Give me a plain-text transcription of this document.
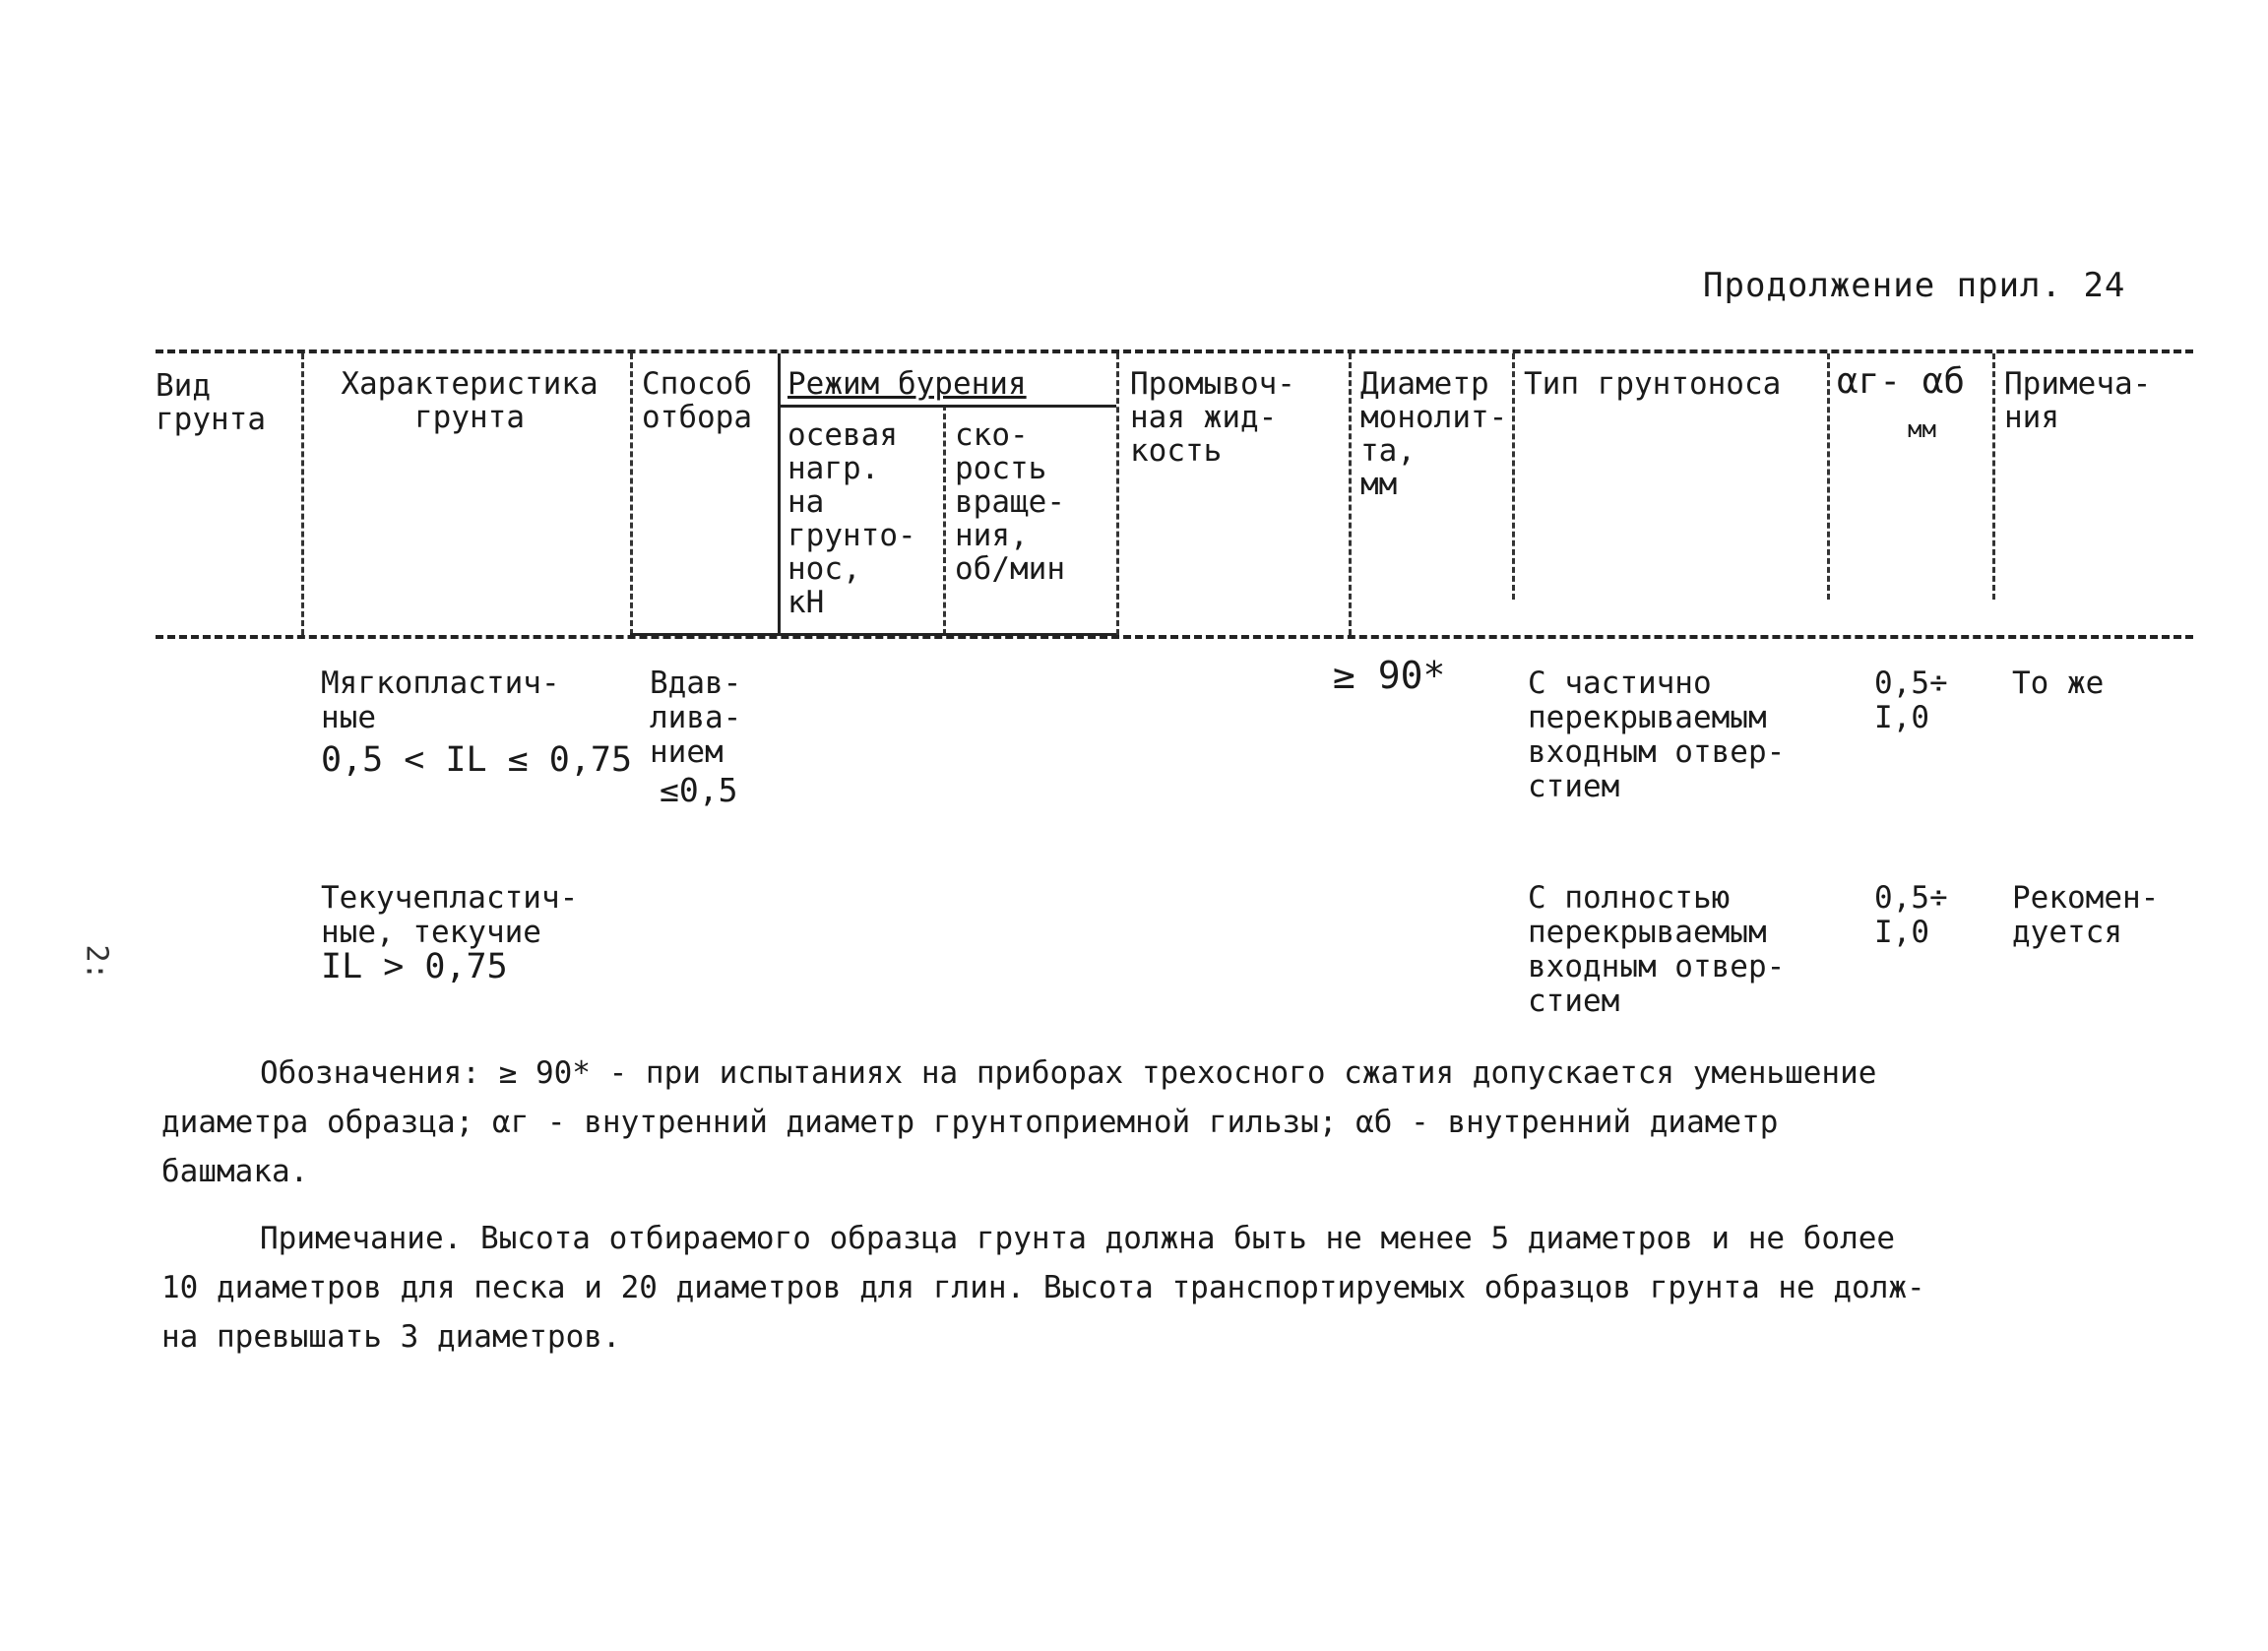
Продолжение прил. 24
2:
Вид
грунта
Характеристика
грунта
Способ
отбора
Режим бурения
осевая
нагр.
на
грунто-
нос,
кН
ско-
рость
враще-
ния,
об/мин
Промывоч-
ная жид-
кость
Диаметр
монолит-
та,
мм
Тип грунтоноса	αг- αб
мм
Примеча-
ния
Мягкопластич-
ные
0,5 < IL ≤ 0,75
Вдав-
лива-
нием
≤0,5
≥ 90*	С частично
перекрываемым
входным отвер-
стием
0,5÷
I,0
То же
Текучепластич-
ные, текучие
IL > 0,75
С полностью
перекрываемым
входным отвер-
стием
0,5÷
I,0
Рекомен-
дуется
Обозначения: ≥ 90* - при испытаниях на приборах трехосного сжатия допускается уменьшение
диаметра образца; αг - внутренний диаметр грунтоприемной гильзы; αб - внутренний диаметр
башмака.
Примечание. Высота отбираемого образца грунта должна быть не менее 5 диаметров и не более
10 диаметров для песка и 20 диаметров для глин. Высота транспортируемых образцов грунта не долж-
на превышать 3 диаметров.
